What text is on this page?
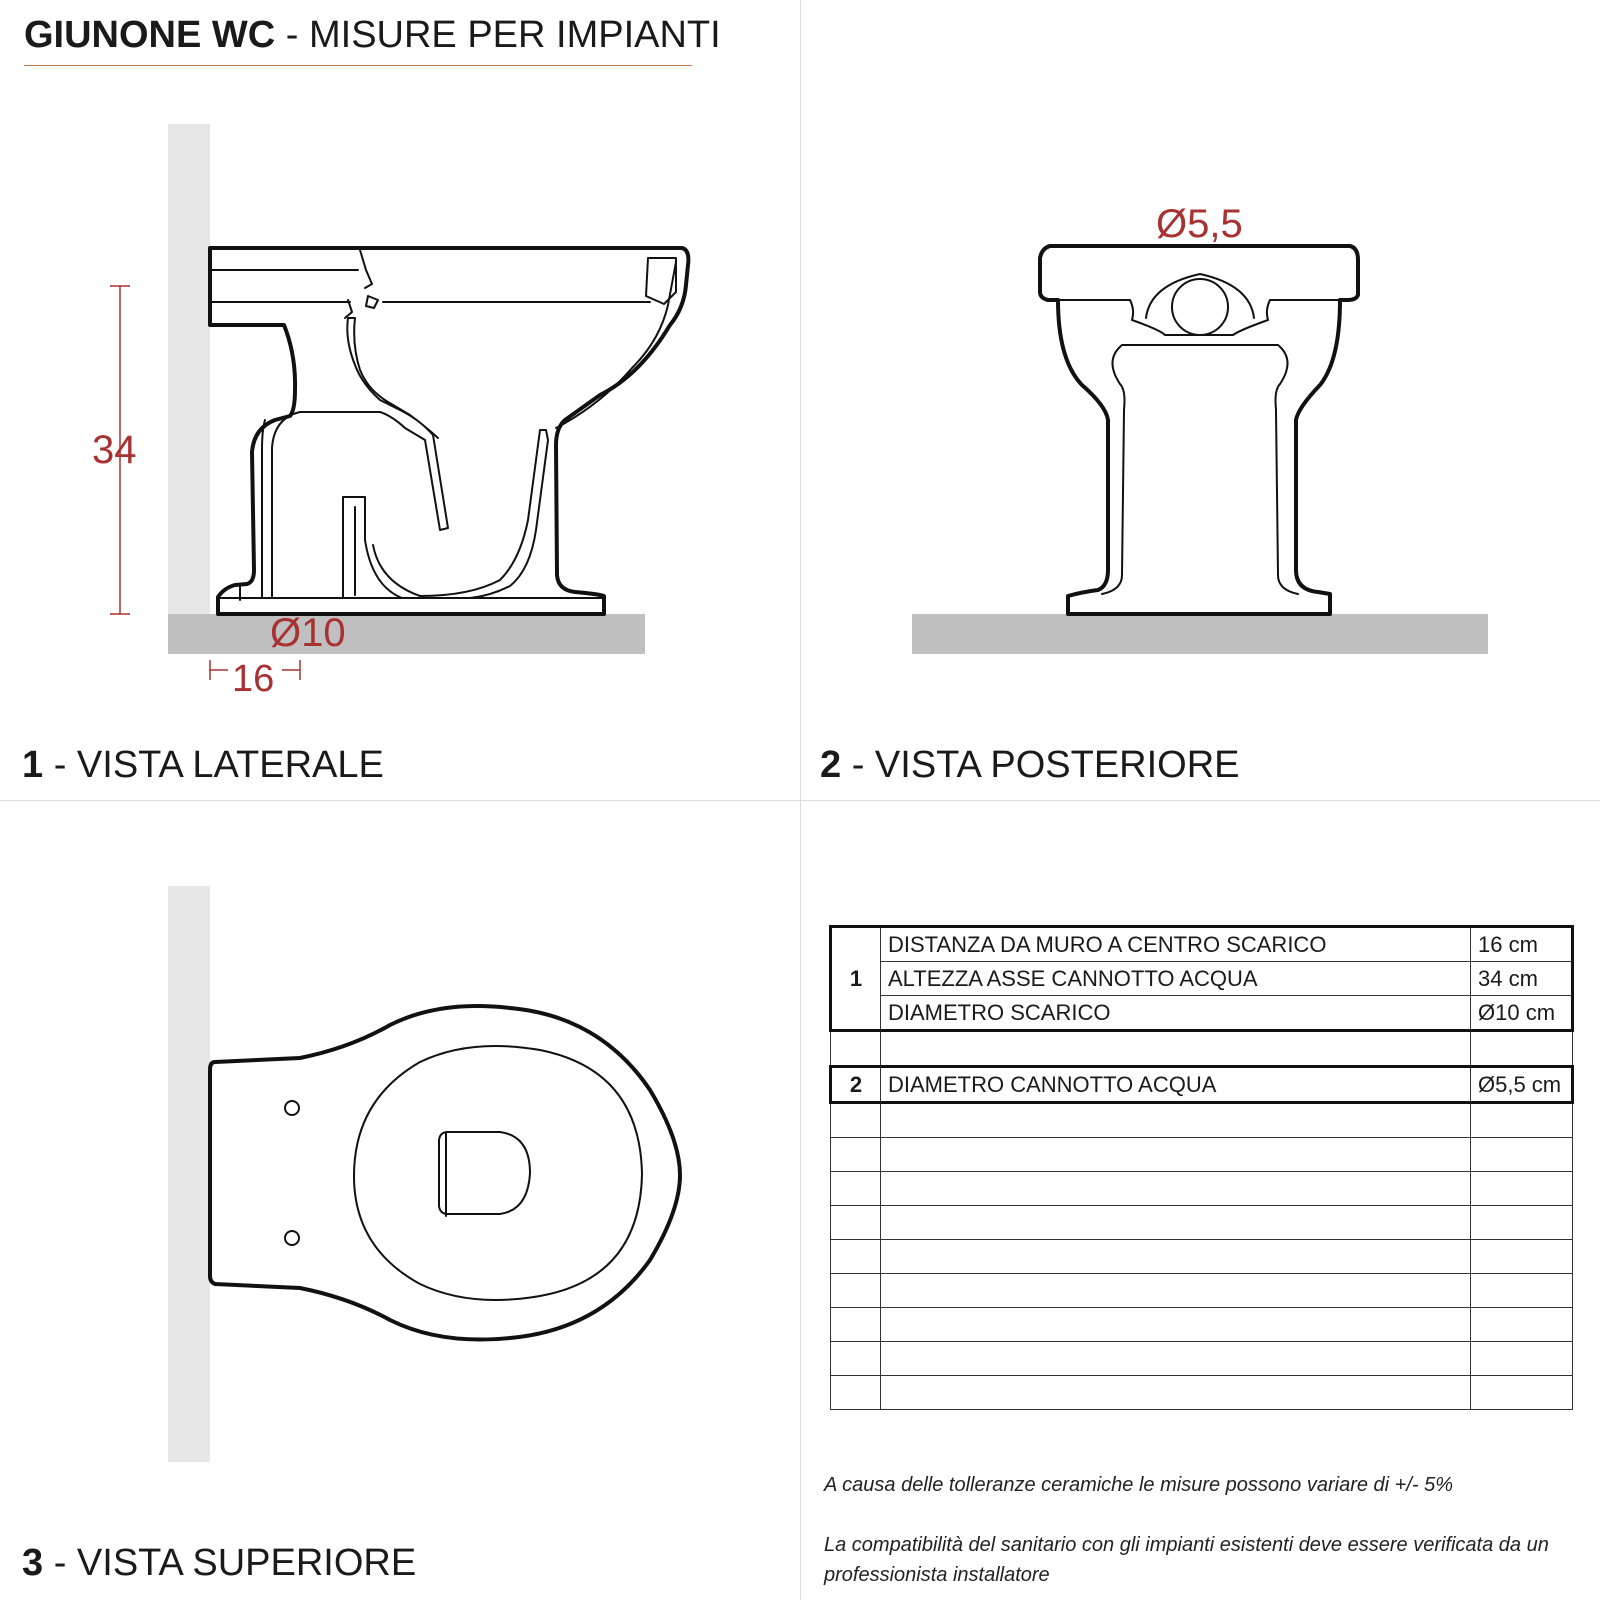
GIUNONE WC - MISURE PER IMPIANTI
34
Ø10
16
1 - VISTA LATERALE
Ø5,5
2 - VISTA POSTERIORE
3 - VISTA SUPERIORE
1	DISTANZA DA MURO A CENTRO SCARICO	16 cm
	ALTEZZA ASSE CANNOTTO ACQUA	34 cm
	DIAMETRO SCARICO	Ø10 cm

2	DIAMETRO CANNOTTO ACQUA	Ø5,5 cm

A causa delle tolleranze ceramiche le misure possono variare di +/- 5%
La compatibilità del sanitario con gli impianti esistenti deve essere verificata da un professionista installatore
